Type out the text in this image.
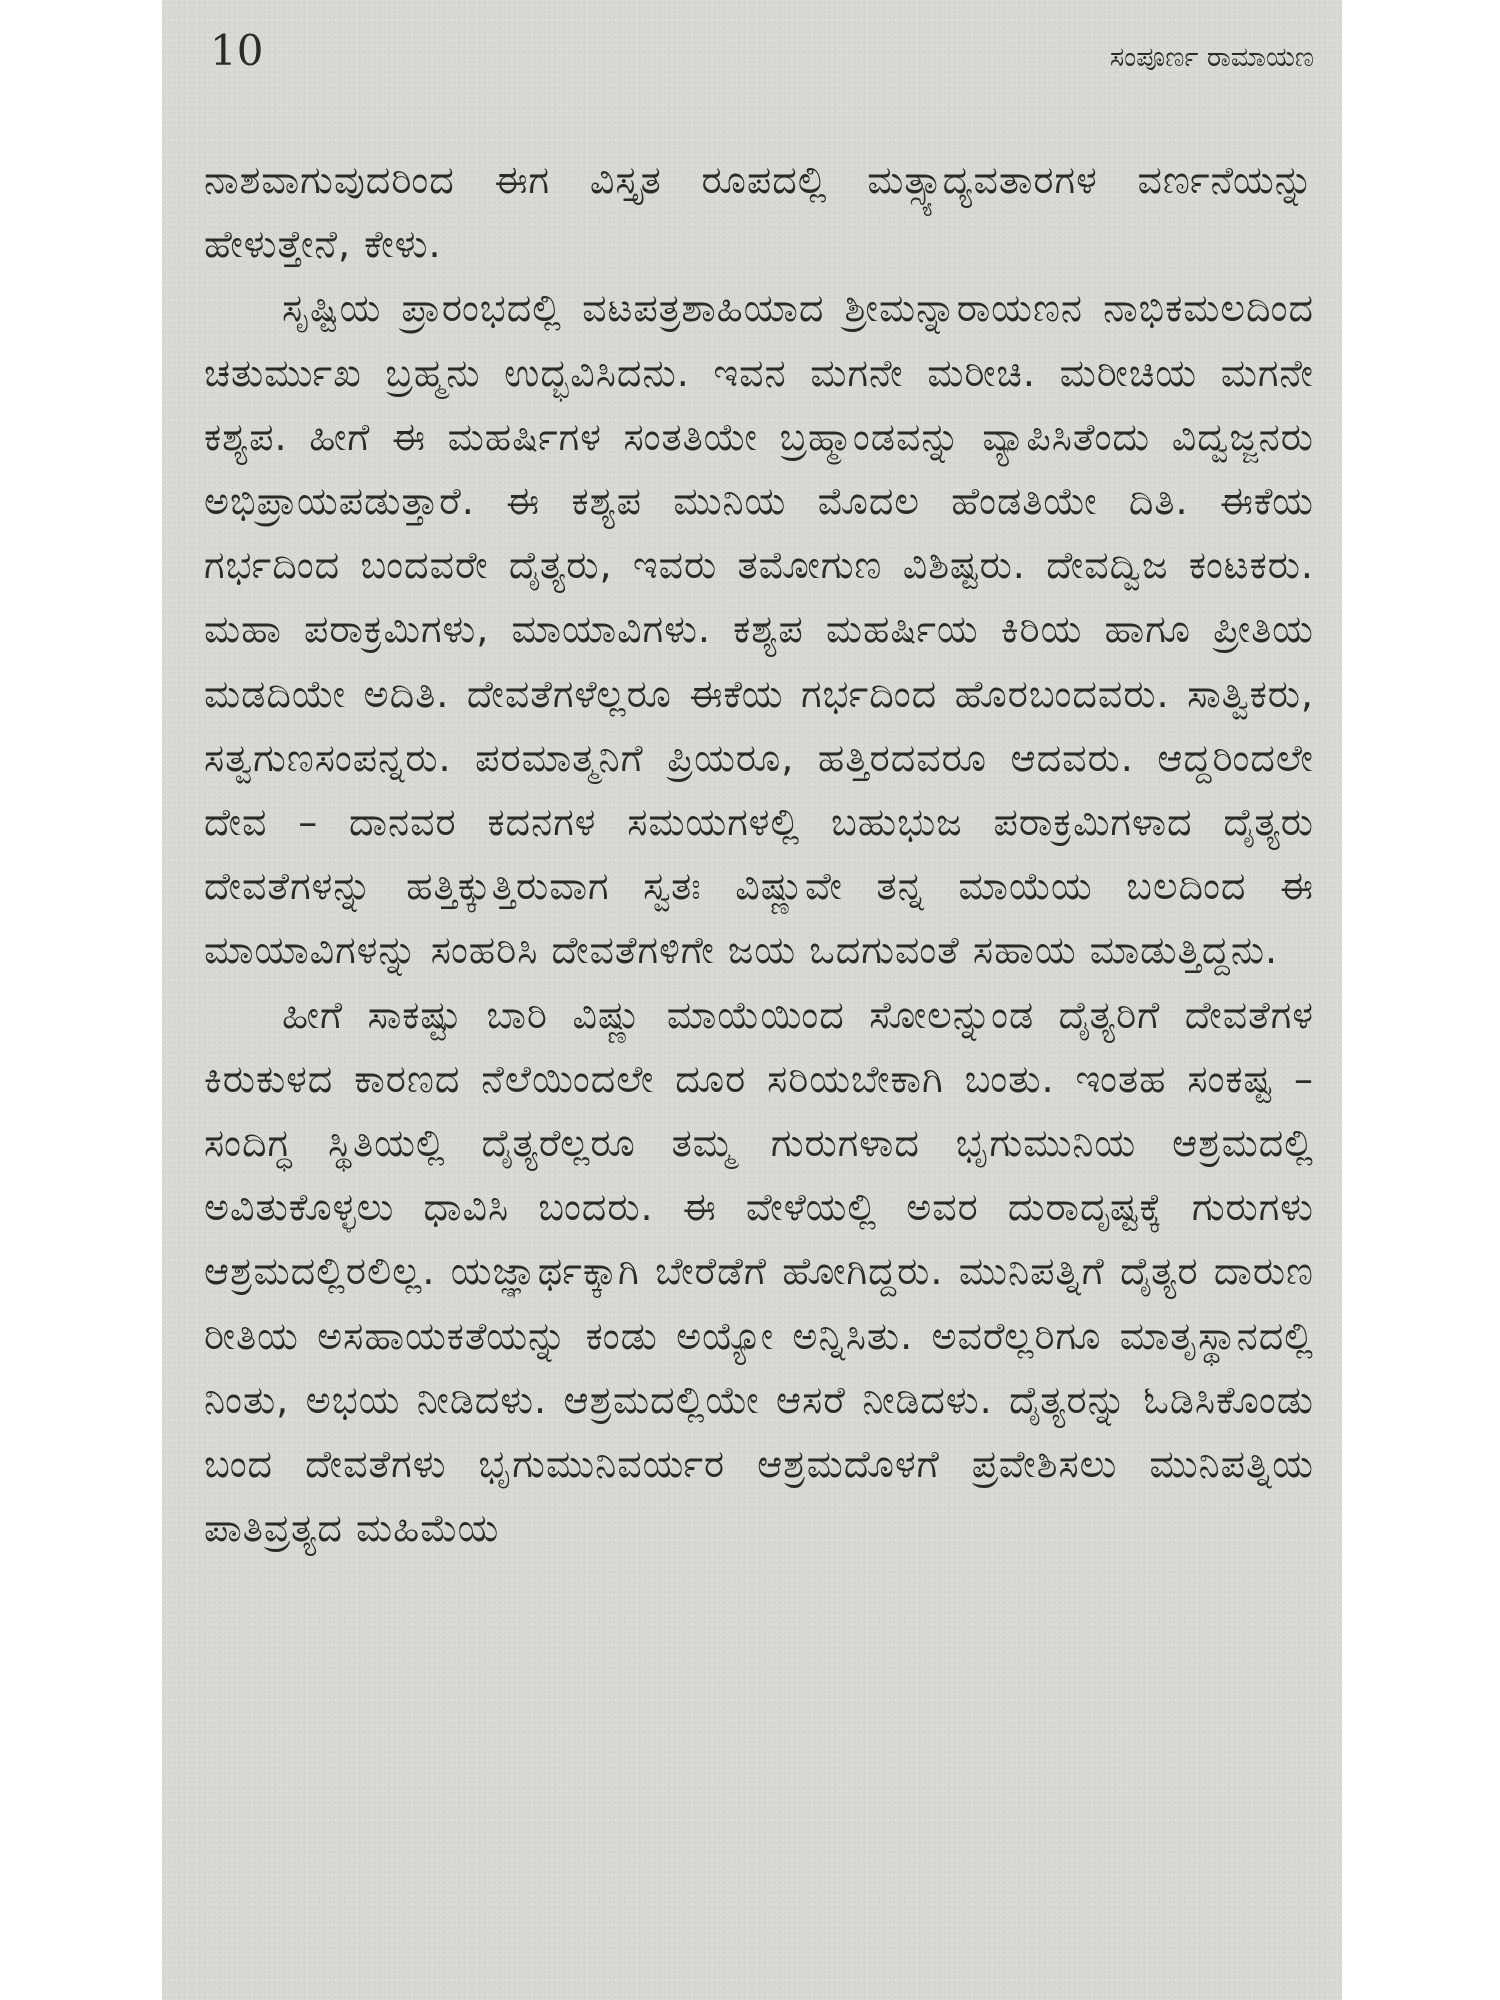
10	ಸಂಪೂರ್ಣ ರಾಮಾಯಣ

ನಾಶವಾಗುವುದರಿಂದ ಈಗ ವಿಸ್ತೃತ ರೂಪದಲ್ಲಿ ಮತ್ಸ್ಯಾದ್ಯವತಾರಗಳ ವರ್ಣನೆಯನ್ನು ಹೇಳುತ್ತೇನೆ, ಕೇಳು.

ಸೃಷ್ಟಿಯ ಪ್ರಾರಂಭದಲ್ಲಿ ವಟಪತ್ರಶಾಹಿಯಾದ ಶ್ರೀಮನ್ನಾರಾಯಣನ ನಾಭಿಕಮಲದಿಂದ ಚತುರ್ಮುಖ ಬ್ರಹ್ಮನು ಉದ್ಭವಿಸಿದನು. ಇವನ ಮಗನೇ ಮರೀಚಿ. ಮರೀಚಿಯ ಮಗನೇ ಕಶ್ಯಪ. ಹೀಗೆ ಈ ಮಹರ್ಷಿಗಳ ಸಂತತಿಯೇ ಬ್ರಹ್ಮಾಂಡವನ್ನು ವ್ಯಾಪಿಸಿತೆಂದು ವಿದ್ವಜ್ಜನರು ಅಭಿಪ್ರಾಯಪಡುತ್ತಾರೆ. ಈ ಕಶ್ಯಪ ಮುನಿಯ ಮೊದಲ ಹೆಂಡತಿಯೇ ದಿತಿ. ಈಕೆಯ ಗರ್ಭದಿಂದ ಬಂದವರೇ ದೈತ್ಯರು, ಇವರು ತಮೋಗುಣ ವಿಶಿಷ್ಟರು. ದೇವದ್ವಿಜ ಕಂಟಕರು. ಮಹಾ ಪರಾಕ್ರಮಿಗಳು, ಮಾಯಾವಿಗಳು. ಕಶ್ಯಪ ಮಹರ್ಷಿಯ ಕಿರಿಯ ಹಾಗೂ ಪ್ರೀತಿಯ ಮಡದಿಯೇ ಅದಿತಿ. ದೇವತೆಗಳೆಲ್ಲರೂ ಈಕೆಯ ಗರ್ಭದಿಂದ ಹೊರಬಂದವರು. ಸಾತ್ವಿಕರು, ಸತ್ವಗುಣಸಂಪನ್ನರು. ಪರಮಾತ್ಮನಿಗೆ ಪ್ರಿಯರೂ, ಹತ್ತಿರದವರೂ ಆದವರು. ಆದ್ದರಿಂದಲೇ ದೇವ – ದಾನವರ ಕದನಗಳ ಸಮಯಗಳಲ್ಲಿ ಬಹುಭುಜ ಪರಾಕ್ರಮಿಗಳಾದ ದೈತ್ಯರು ದೇವತೆಗಳನ್ನು ಹತ್ತಿಕ್ಕುತ್ತಿರುವಾಗ ಸ್ವತಃ ವಿಷ್ಣುವೇ ತನ್ನ ಮಾಯೆಯ ಬಲದಿಂದ ಈ ಮಾಯಾವಿಗಳನ್ನು ಸಂಹರಿಸಿ ದೇವತೆಗಳಿಗೇ ಜಯ ಒದಗುವಂತೆ ಸಹಾಯ ಮಾಡುತ್ತಿದ್ದನು.

ಹೀಗೆ ಸಾಕಷ್ಟು ಬಾರಿ ವಿಷ್ಣು ಮಾಯೆಯಿಂದ ಸೋಲನ್ನುಂಡ ದೈತ್ಯರಿಗೆ ದೇವತೆಗಳ ಕಿರುಕುಳದ ಕಾರಣದ ನೆಲೆಯಿಂದಲೇ ದೂರ ಸರಿಯಬೇಕಾಗಿ ಬಂತು. ಇಂತಹ ಸಂಕಷ್ಟ – ಸಂದಿಗ್ಧ ಸ್ಥಿತಿಯಲ್ಲಿ ದೈತ್ಯರೆಲ್ಲರೂ ತಮ್ಮ ಗುರುಗಳಾದ ಭೃಗುಮುನಿಯ ಆಶ್ರಮದಲ್ಲಿ ಅವಿತುಕೊಳ್ಳಲು ಧಾವಿಸಿ ಬಂದರು. ಈ ವೇಳೆಯಲ್ಲಿ ಅವರ ದುರಾದೃಷ್ಟಕ್ಕೆ ಗುರುಗಳು ಆಶ್ರಮದಲ್ಲಿರಲಿಲ್ಲ. ಯಜ್ಞಾರ್ಥಕ್ಕಾಗಿ ಬೇರೆಡೆಗೆ ಹೋಗಿದ್ದರು. ಮುನಿಪತ್ನಿಗೆ ದೈತ್ಯರ ದಾರುಣ ರೀತಿಯ ಅಸಹಾಯಕತೆಯನ್ನು ಕಂಡು ಅಯ್ಯೋ ಅನ್ನಿಸಿತು. ಅವರೆಲ್ಲರಿಗೂ ಮಾತೃಸ್ಥಾನದಲ್ಲಿ ನಿಂತು, ಅಭಯ ನೀಡಿದಳು. ಆಶ್ರಮದಲ್ಲಿಯೇ ಆಸರೆ ನೀಡಿದಳು. ದೈತ್ಯರನ್ನು ಓಡಿಸಿಕೊಂಡು ಬಂದ ದೇವತೆಗಳು ಭೃಗುಮುನಿವರ್ಯರ ಆಶ್ರಮದೊಳಗೆ ಪ್ರವೇಶಿಸಲು ಮುನಿಪತ್ನಿಯ ಪಾತಿವ್ರತ್ಯದ ಮಹಿಮೆಯ
